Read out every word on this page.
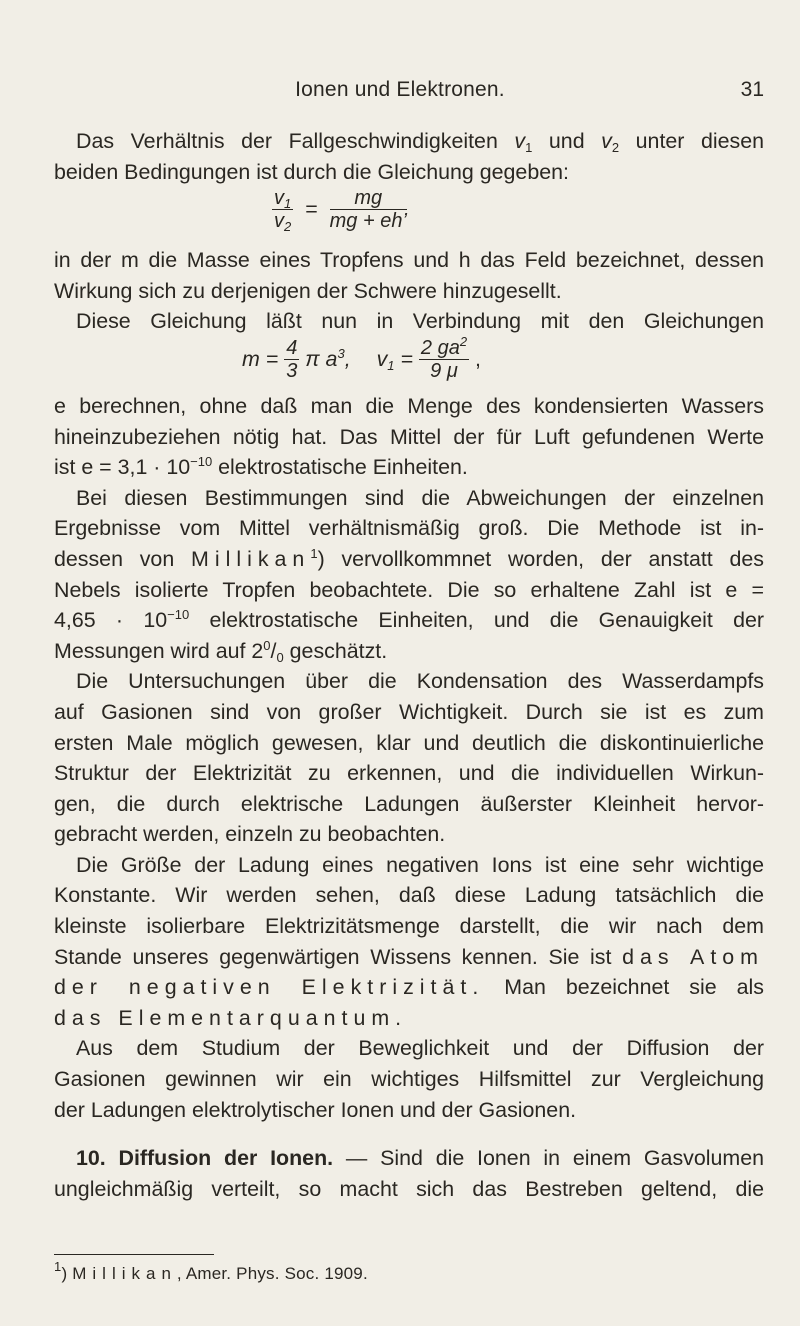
Ionen und Elektronen.	31
Das Verhältnis der Fallgeschwindigkeiten $v_1$ und $v_2$ unter diesen
beiden Bedingungen ist durch die Gleichung gegeben:
$\frac{v_1}{v_2} = \frac{mg}{mg + eh’}$
in der m die Masse eines Tropfens und h das Feld bezeichnet, dessen
Wirkung sich zu derjenigen der Schwere hinzugesellt.
Diese Gleichung läßt nun in Verbindung mit den Gleichungen
$m = \frac{4}{3}$ π $a^3$, $v_1 = \frac{2 ga^2}{9 \mu}$ ,
e berechnen, ohne daß man die Menge des kondensierten Wassers
hineinzubeziehen nötig hat. Das Mittel der für Luft gefundenen Werte
ist $e = 3,1 \cdot 10^{-10}$ elektrostatische Einheiten.
Bei diesen Bestimmungen sind die Abweichungen der einzelnen
Ergebnisse vom Mittel verhältnismäßig groß. Die Methode ist in-
dessen von Millikan$^1$) vervollkommnet worden, der anstatt des
Nebels isolierte Tropfen beobachtete. Die so erhaltene Zahl ist e =
$4,65 \cdot 10^{-10}$ elektrostatische Einheiten, und die Genauigkeit der
Messungen wird auf $2^0/_0$ geschätzt.
Die Untersuchungen über die Kondensation des Wasserdampfs
auf Gasionen sind von großer Wichtigkeit. Durch sie ist es zum
ersten Male möglich gewesen, klar und deutlich die diskontinuierliche
Struktur der Elektrizität zu erkennen, und die individuellen Wirkun-
gen, die durch elektrische Ladungen äußerster Kleinheit hervor-
gebracht werden, einzeln zu beobachten.
Die Größe der Ladung eines negativen Ions ist eine sehr wichtige
Konstante. Wir werden sehen, daß diese Ladung tatsächlich die
kleinste isolierbare Elektrizitätsmenge darstellt, die wir nach dem
Stande unseres gegenwärtigen Wissens kennen. Sie ist das Atom
der negativen Elektrizität. Man bezeichnet sie als
das Elementarquantum.
Aus dem Studium der Beweglichkeit und der Diffusion der
Gasionen gewinnen wir ein wichtiges Hilfsmittel zur Vergleichung
der Ladungen elektrolytischer Ionen und der Gasionen.
10. Diffusion der Ionen. — Sind die Ionen in einem Gasvolumen
ungleichmäßig verteilt, so macht sich das Bestreben geltend, die
$^1$) Millikan, Amer. Phys. Soc. 1909.
